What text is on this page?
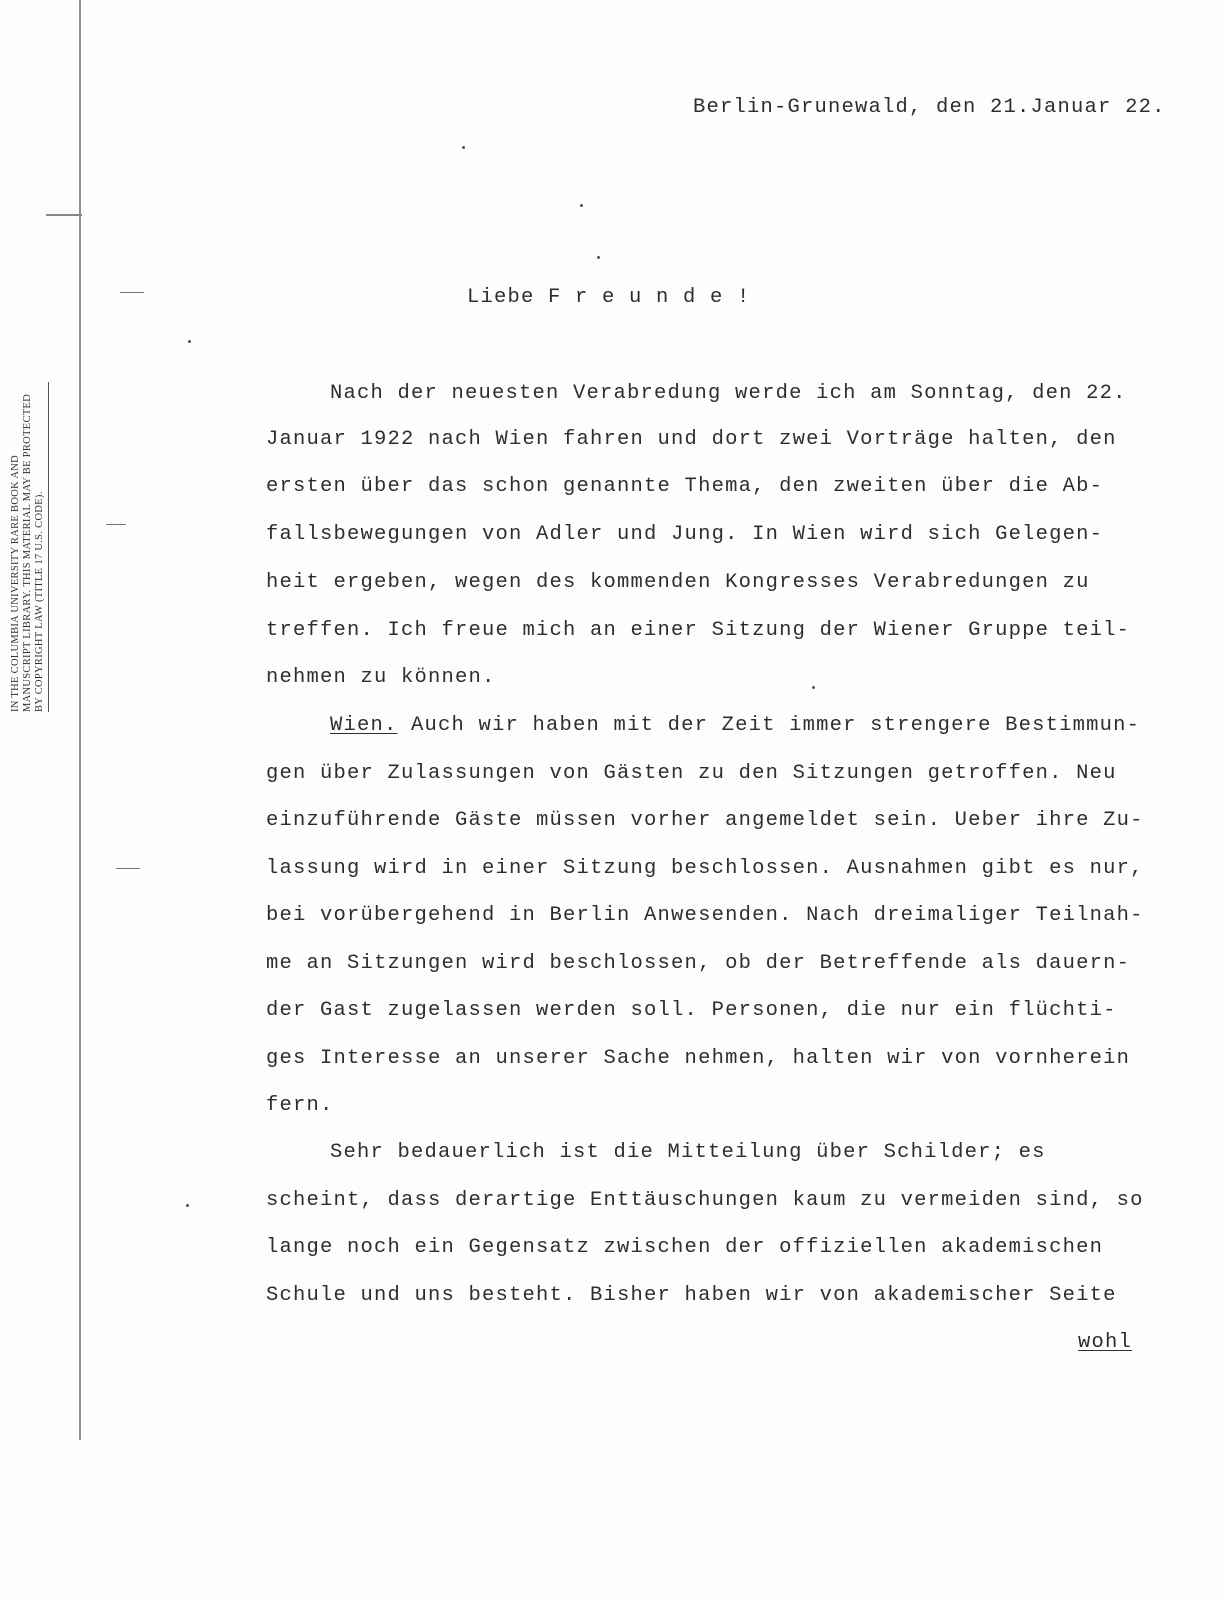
IN THE COLUMBIA UNIVERSITY RARE BOOK AND MANUSCRIPT LIBRARY. THIS MATERIAL MAY BE PROTECTED BY COPYRIGHT LAW (TITLE 17 U.S. CODE).
Berlin-Grunewald, den 21.Januar 22.
Liebe F r e u n d e !
Nach der neuesten Verabredung werde ich am Sonntag, den 22.
Januar 1922 nach Wien fahren und dort zwei Vorträge halten, den
ersten über das schon genannte Thema, den zweiten über die Ab-
fallsbewegungen von Adler und Jung. In Wien wird sich Gelegen-
heit ergeben, wegen des kommenden Kongresses Verabredungen zu
treffen. Ich freue mich an einer Sitzung der Wiener Gruppe teil-
nehmen zu können.
Wien. Auch wir haben mit der Zeit immer strengere Bestimmun-
gen über Zulassungen von Gästen zu den Sitzungen getroffen. Neu
einzuführende Gäste müssen vorher angemeldet sein. Ueber ihre Zu-
lassung wird in einer Sitzung beschlossen. Ausnahmen gibt es nur,
bei vorübergehend in Berlin Anwesenden. Nach dreimaliger Teilnah-
me an Sitzungen wird beschlossen, ob der Betreffende als dauern-
der Gast zugelassen werden soll. Personen, die nur ein flüchti-
ges Interesse an unserer Sache nehmen, halten wir von vornherein
fern.
Sehr bedauerlich ist die Mitteilung über Schilder; es
scheint, dass derartige Enttäuschungen kaum zu vermeiden sind, so
lange noch ein Gegensatz zwischen der offiziellen akademischen
Schule und uns besteht. Bisher haben wir von akademischer Seite
wohl
